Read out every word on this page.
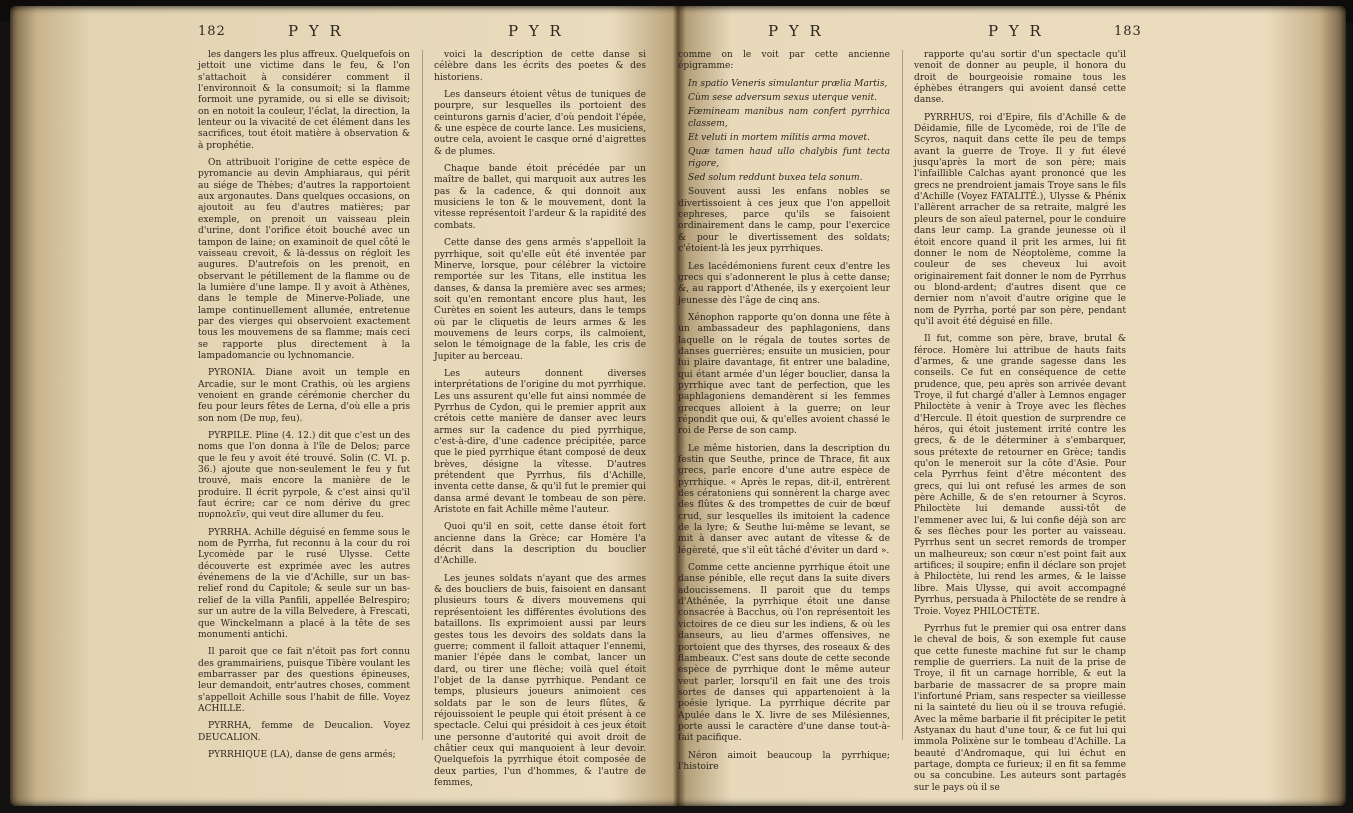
182	P Y R	P Y R

les dangers les plus affreux. Quelquefois on jettoit une victime dans le feu, & l'on s'attachoit à considérer comment il l'environnoit & la consumoit; si la flamme formoit une pyramide, ou si elle se divisoit; on en notoit la couleur, l'éclat, la direction, la lenteur ou la vivacité de cet élément dans les sacrifices, tout étoit matière à observation & à prophétie.

On attribuoit l'origine de cette espèce de pyromancie au devin Amphiaraus, qui périt au siége de Thèbes; d'autres la rapportoient aux argonautes. Dans quelques occasions, on ajoutoit au feu d'autres matières; par exemple, on prenoit un vaisseau plein d'urine, dont l'orifice étoit bouché avec un tampon de laine; on examinoit de quel côté le vaisseau crevoit, & là-dessus on régloit les augures. D'autrefois on les prenoit, en observant le pétillement de la flamme ou de la lumière d'une lampe. Il y avoit à Athènes, dans le temple de Minerve-Poliade, une lampe continuellement allumée, entretenue par des vierges qui observoient exactement tous les mouvemens de sa flamme; mais ceci se rapporte plus directement à la lampadomancie ou lychnomancie.

PYRONIA. Diane avoit un temple en Arcadie, sur le mont Crathis, où les argiens venoient en grande cérémonie chercher du feu pour leurs fêtes de Lerna, d'où elle a pris son nom (De πυρ, feu).

PYRPILE. Pline (4. 12.) dit que c'est un des noms que l'on donna à l'île de Delos; parce que le feu y avoit été trouvé. Solin (C. VI. p. 36.) ajoute que non-seulement le feu y fut trouvé, mais encore la manière de le produire. Il écrit pyrpole, & c'est ainsi qu'il faut écrire; car ce nom dérive du grec πυρπολεῖν, qui veut dire allumer du feu.

PYRRHA. Achille déguisé en femme sous le nom de Pyrrha, fut reconnu à la cour du roi Lycomède par le rusé Ulysse. Cette découverte est exprimée avec les autres événemens de la vie d'Achille, sur un bas-relief rond du Capitole; & seule sur un bas-relief de la villa Panfili, appellée Belrespiro; sur un autre de la villa Belvedere, à Frescati, que Winckelmann a placé à la tête de ses monumenti antichi.

Il paroit que ce fait n'étoit pas fort connu des grammairiens, puisque Tibère voulant les embarrasser par des questions épineuses, leur demandoit, entr'autres choses, comment s'appelloit Achille sous l'habit de fille. Voyez ACHILLE.

PYRRHA, femme de Deucalion. Voyez DEUCALION.

PYRRHIQUE (LA), danse de gens armés;

voici la description de cette danse si célèbre dans les écrits des poetes & des historiens.

Les danseurs étoient vêtus de tuniques de pourpre, sur lesquelles ils portoient des ceinturons garnis d'acier, d'où pendoit l'épée, & une espèce de courte lance. Les musiciens, outre cela, avoient le casque orné d'aigrettes & de plumes.

Chaque bande étoit précédée par un maître de ballet, qui marquoit aux autres les pas & la cadence, & qui donnoit aux musiciens le ton & le mouvement, dont la vitesse représentoit l'ardeur & la rapidité des combats.

Cette danse des gens armés s'appelloit la pyrrhique, soit qu'elle eût été inventée par Minerve, lorsque, pour célébrer la victoire remportée sur les Titans, elle institua les danses, & dansa la première avec ses armes; soit qu'en remontant encore plus haut, les Curètes en soient les auteurs, dans le temps où par le cliquetis de leurs armes & les mouvemens de leurs corps, ils calmoient, selon le témoignage de la fable, les cris de Jupiter au berceau.

Les auteurs donnent diverses interprétations de l'origine du mot pyrrhique. Les uns assurent qu'elle fut ainsi nommée de Pyrrhus de Cydon, qui le premier apprit aux crétois cette manière de danser avec leurs armes sur la cadence du pied pyrrhique, c'est-à-dire, d'une cadence précipitée, parce que le pied pyrrhique étant composé de deux brèves, désigne la vîtesse. D'autres prétendent que Pyrrhus, fils d'Achille, inventa cette danse, & qu'il fut le premier qui dansa armé devant le tombeau de son père. Aristote en fait Achille même l'auteur.

Quoi qu'il en soit, cette danse étoit fort ancienne dans la Grèce; car Homère l'a décrit dans la description du bouclier d'Achille.

Les jeunes soldats n'ayant que des armes & des boucliers de buis, faisoient en dansant plusieurs tours & divers mouvemens qui représentoient les différentes évolutions des bataillons. Ils exprimoient aussi par leurs gestes tous les devoirs des soldats dans la guerre; comment il falloit attaquer l'ennemi, manier l'épée dans le combat, lancer un dard, ou tirer une flèche; voilà quel étoit l'objet de la danse pyrrhique. Pendant ce temps, plusieurs joueurs animoient ces soldats par le son de leurs flûtes, & réjouissoient le peuple qui étoit présent à ce spectacle. Celui qui présidoit à ces jeux étoit une personne d'autorité qui avoit droit de châtier ceux qui manquoient à leur devoir. Quelquefois la pyrrhique étoit composée de deux parties, l'un d'hommes, & l'autre de femmes,

P Y R	P Y R	183

comme on le voit par cette ancienne épigramme:

In spatio Veneris simulantur prælia Martis,
Cùm sese adversum sexus uterque venit.
Fœmineam manibus nam confert pyrrhica classem,
Et veluti in mortem militis arma movet.
Quæ tamen haud ullo chalybis funt tecta rigore,
Sed solum reddunt buxea tela sonum.

Souvent aussi les enfans nobles se divertissoient à ces jeux que l'on appelloit cephreses, parce qu'ils se faisoient ordinairement dans le camp, pour l'exercice & pour le divertissement des soldats; c'étoient-là les jeux pyrrhiques.

Les lacédémoniens furent ceux d'entre les grecs qui s'adonnerent le plus à cette danse; &, au rapport d'Athenée, ils y exerçoient leur jeunesse dès l'âge de cinq ans.

Xénophon rapporte qu'on donna une fête à un ambassadeur des paphlagoniens, dans laquelle on le régala de toutes sortes de danses guerrières; ensuite un musicien, pour lui plaire davantage, fit entrer une baladine, qui étant armée d'un léger bouclier, dansa la pyrrhique avec tant de perfection, que les paphlagoniens demandèrent si les femmes grecques alloient à la guerre; on leur répondit que oui, & qu'elles avoient chassé le roi de Perse de son camp.

Le même historien, dans la description du festin que Seuthe, prince de Thrace, fit aux grecs, parle encore d'une autre espèce de pyrrhique. « Après le repas, dit-il, entrèrent des cératoniens qui sonnèrent la charge avec des flûtes & des trompettes de cuir de bœuf crud, sur lesquelles ils imitoient la cadence de la lyre; & Seuthe lui-même se levant, se mit à danser avec autant de vîtesse & de légèreté, que s'il eût tâché d'éviter un dard ».

Comme cette ancienne pyrrhique étoit une danse pénible, elle reçut dans la suite divers adoucissemens. Il paroit que du temps d'Athénée, la pyrrhique étoit une danse consacrée à Bacchus, où l'on représentoit les victoires de ce dieu sur les indiens, & où les danseurs, au lieu d'armes offensives, ne portoient que des thyrses, des roseaux & des flambeaux. C'est sans doute de cette seconde espèce de pyrrhique dont le même auteur veut parler, lorsqu'il en fait une des trois sortes de danses qui appartenoient à la poésie lyrique. La pyrrhique décrite par Apulée dans le X. livre de ses Milésiennes, porte aussi le caractère d'une danse tout-à-fait pacifique.

Néron aimoit beaucoup la pyrrhique; l'histoire

rapporte qu'au sortir d'un spectacle qu'il venoit de donner au peuple, il honora du droit de bourgeoisie romaine tous les éphèbes étrangers qui avoient dansé cette danse.

PYRRHUS, roi d'Epire, fils d'Achille & de Déidamie, fille de Lycomède, roi de l'île de Scyros, naquit dans cette île peu de temps avant la guerre de Troye. Il y fut élevé jusqu'après la mort de son père; mais l'infaillible Calchas ayant prononcé que les grecs ne prendroient jamais Troye sans le fils d'Achille (Voyez FATALITÉ.), Ulysse & Phénix l'allèrent arracher de sa retraite, malgré les pleurs de son aïeul paternel, pour le conduire dans leur camp. La grande jeunesse où il étoit encore quand il prit les armes, lui fit donner le nom de Néoptolème, comme la couleur de ses cheveux lui avoit originairement fait donner le nom de Pyrrhus ou blond-ardent; d'autres disent que ce dernier nom n'avoit d'autre origine que le nom de Pyrrha, porté par son père, pendant qu'il avoit été déguisé en fille.

Il fut, comme son père, brave, brutal & féroce. Homère lui attribue de hauts faits d'armes, & une grande sagesse dans les conseils. Ce fut en conséquence de cette prudence, que, peu après son arrivée devant Troye, il fut chargé d'aller à Lemnos engager Philoctète à venir à Troye avec les flèches d'Hercule. Il étoit question de surprendre ce héros, qui étoit justement irrité contre les grecs, & de le déterminer à s'embarquer, sous prétexte de retourner en Grèce; tandis qu'on le meneroit sur la côte d'Asie. Pour cela Pyrrhus feint d'être mécontent des grecs, qui lui ont refusé les armes de son père Achille, & de s'en retourner à Scyros. Philoctète lui demande aussi-tôt de l'emmener avec lui, & lui confie déjà son arc & ses flèches pour les porter au vaisseau. Pyrrhus sent un secret remords de tromper un malheureux; son cœur n'est point fait aux artifices; il soupire; enfin il déclare son projet à Philoctète, lui rend les armes, & le laisse libre. Mais Ulysse, qui avoit accompagné Pyrrhus, persuada à Philoctète de se rendre à Troie. Voyez PHILOCTÈTE.

Pyrrhus fut le premier qui osa entrer dans le cheval de bois, & son exemple fut cause que cette funeste machine fut sur le champ remplie de guerriers. La nuit de la prise de Troye, il fit un carnage horrible, & eut la barbarie de massacrer de sa propre main l'infortuné Priam, sans respecter sa vieillesse ni la sainteté du lieu où il se trouva refugié. Avec la même barbarie il fit précipiter le petit Astyanax du haut d'une tour, & ce fut lui qui immola Polixène sur le tombeau d'Achille. La beauté d'Andromaque, qui lui échut en partage, dompta ce furieux; il en fit sa femme ou sa concubine. Les auteurs sont partagés sur le pays où il se
